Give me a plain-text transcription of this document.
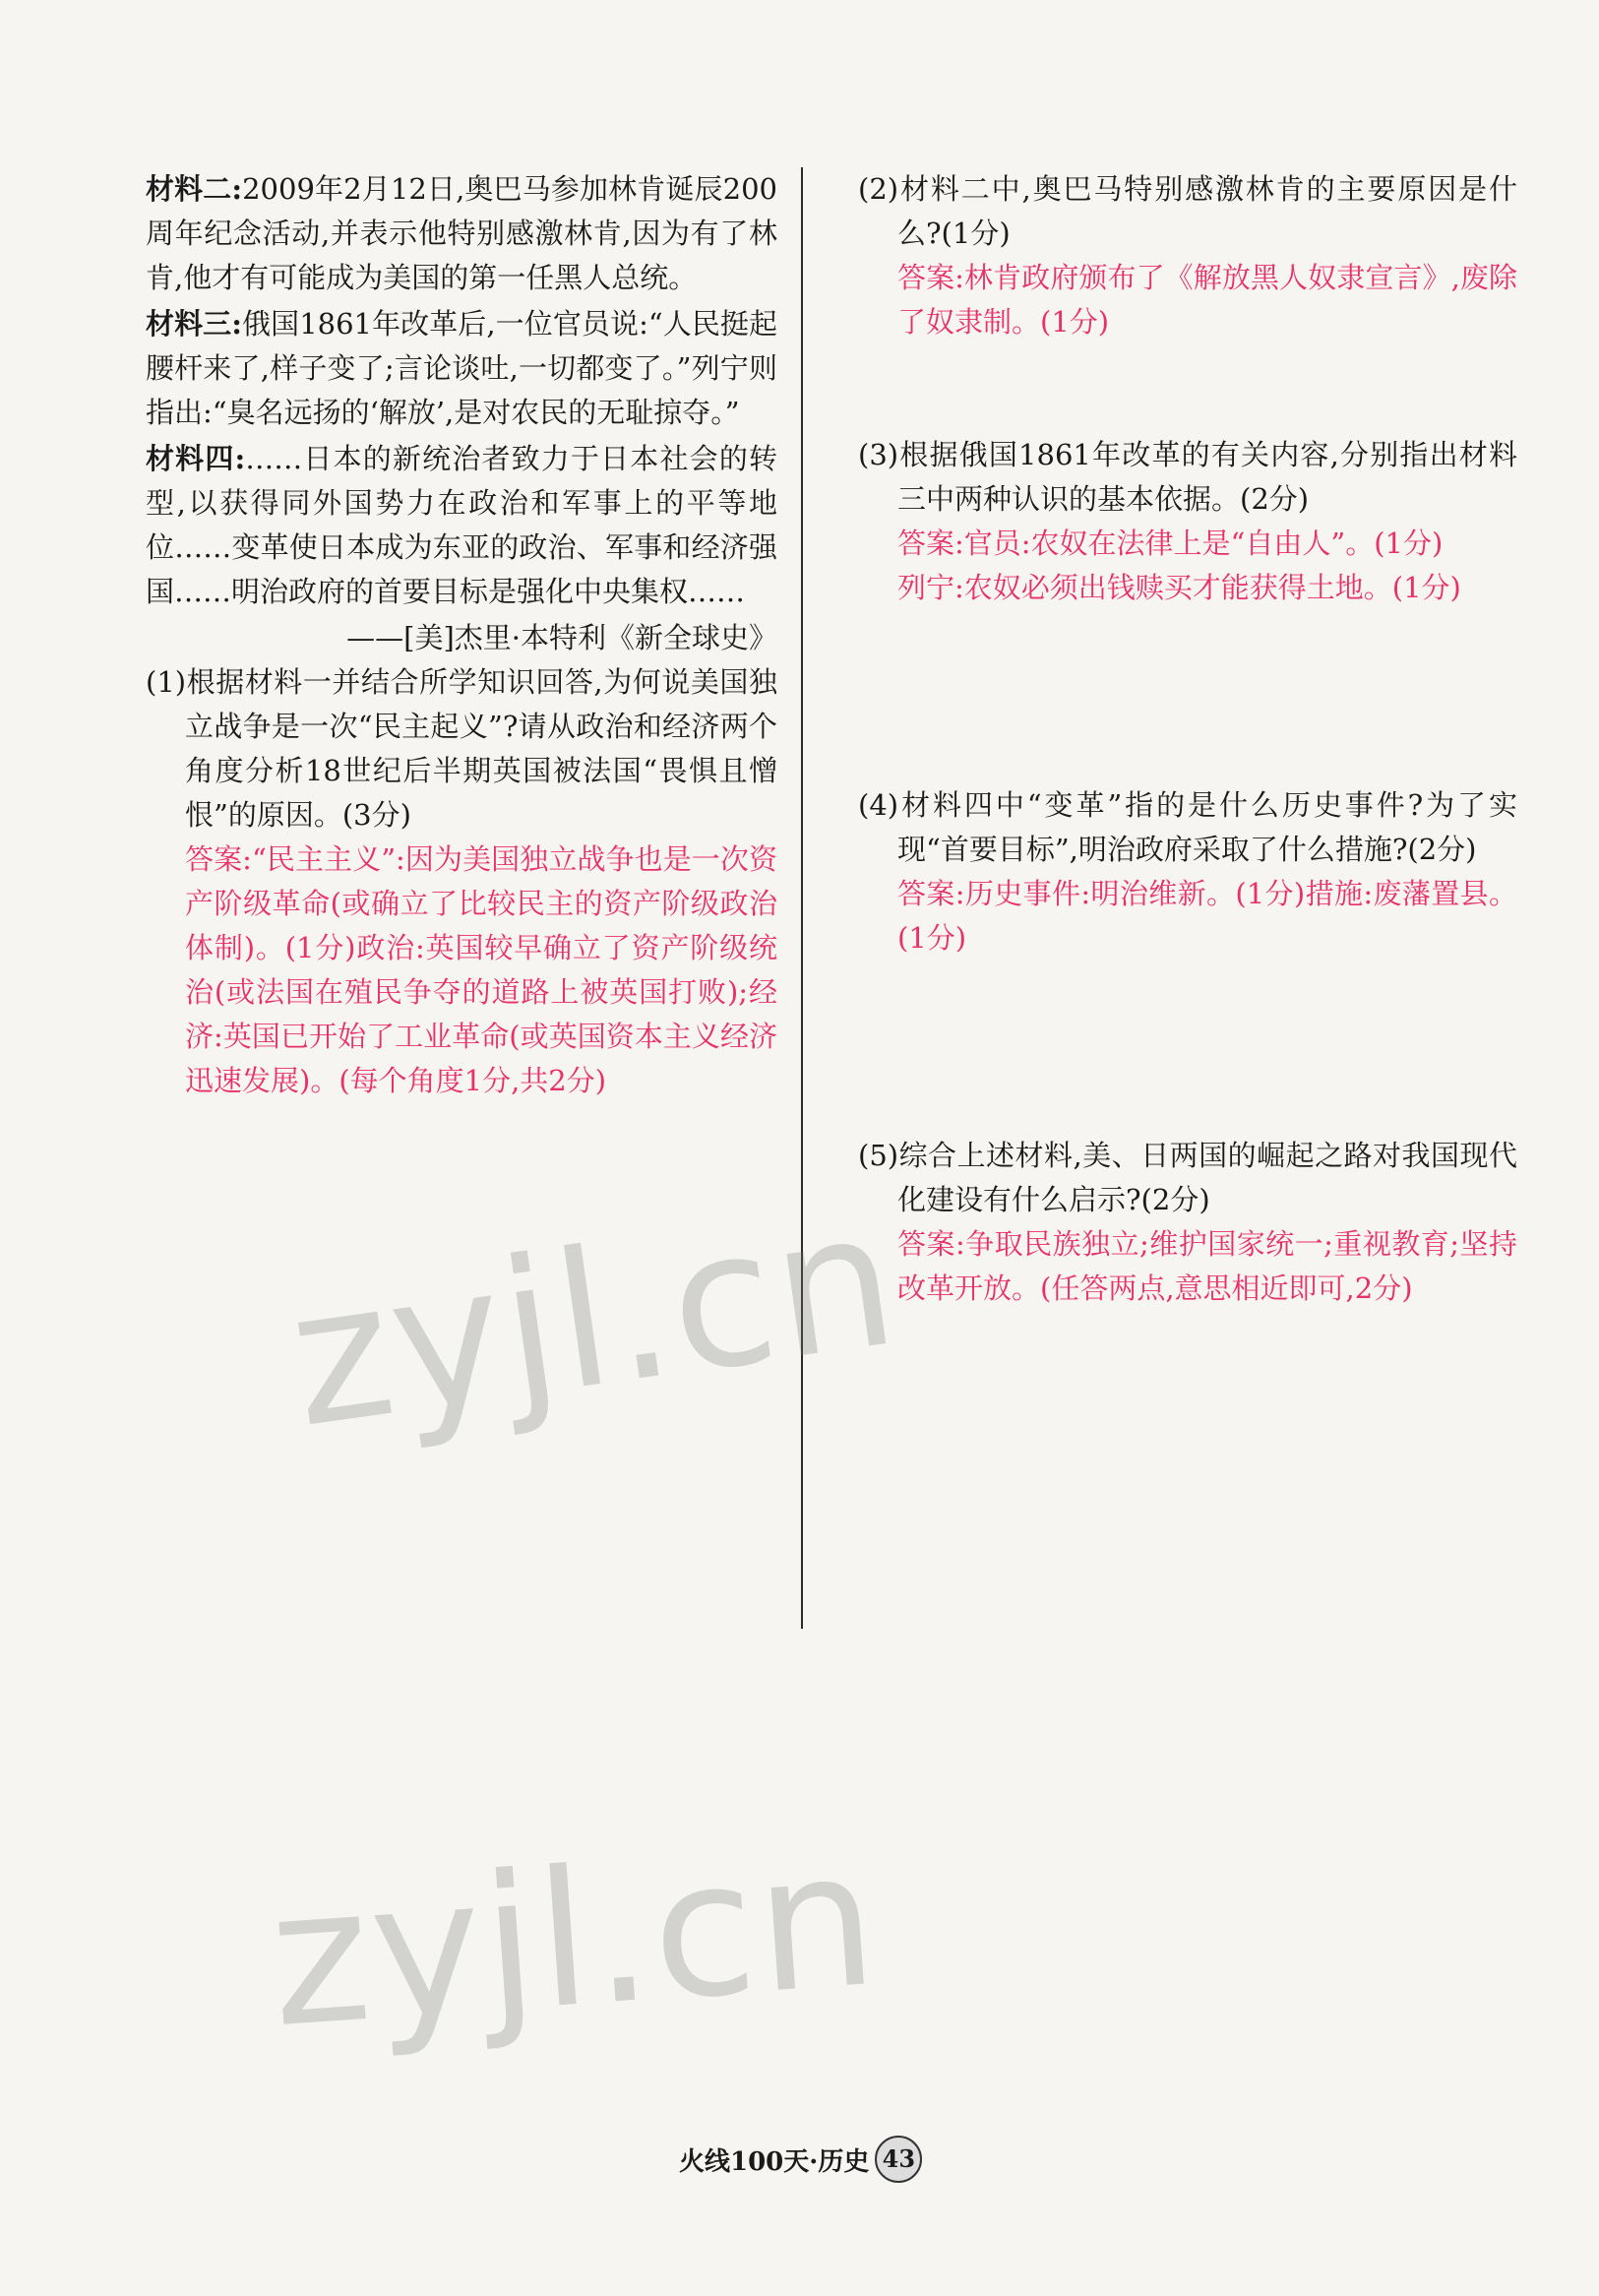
材料二:2009年2月12日,奥巴马参加林肯诞辰200周年纪念活动,并表示他特别感激林肯,因为有了林肯,他才有可能成为美国的第一任黑人总统。

材料三:俄国1861年改革后,一位官员说:“人民挺起腰杆来了,样子变了;言论谈吐,一切都变了。”列宁则指出:“臭名远扬的‘解放’,是对农民的无耻掠夺。”

材料四:……日本的新统治者致力于日本社会的转型,以获得同外国势力在政治和军事上的平等地位……变革使日本成为东亚的政治、军事和经济强国……明治政府的首要目标是强化中央集权……

——[美]杰里·本特利《新全球史》

(1)根据材料一并结合所学知识回答,为何说美国独立战争是一次“民主起义”?请从政治和经济两个角度分析18世纪后半期英国被法国“畏惧且憎恨”的原因。(3分)

答案:“民主主义”:因为美国独立战争也是一次资产阶级革命(或确立了比较民主的资产阶级政治体制)。(1分)政治:英国较早确立了资产阶级统治(或法国在殖民争夺的道路上被英国打败);经济:英国已开始了工业革命(或英国资本主义经济迅速发展)。(每个角度1分,共2分)

(2)材料二中,奥巴马特别感激林肯的主要原因是什么?(1分)

答案:林肯政府颁布了《解放黑人奴隶宣言》,废除了奴隶制。(1分)

(3)根据俄国1861年改革的有关内容,分别指出材料三中两种认识的基本依据。(2分)

答案:官员:农奴在法律上是“自由人”。(1分)

列宁:农奴必须出钱赎买才能获得土地。(1分)

(4)材料四中“变革”指的是什么历史事件?为了实现“首要目标”,明治政府采取了什么措施?(2分)

答案:历史事件:明治维新。(1分)措施:废藩置县。(1分)

(5)综合上述材料,美、日两国的崛起之路对我国现代化建设有什么启示?(2分)

答案:争取民族独立;维护国家统一;重视教育;坚持改革开放。(任答两点,意思相近即可,2分)

zyjl.cn
zyjl.cn
火线100天·历史 43
